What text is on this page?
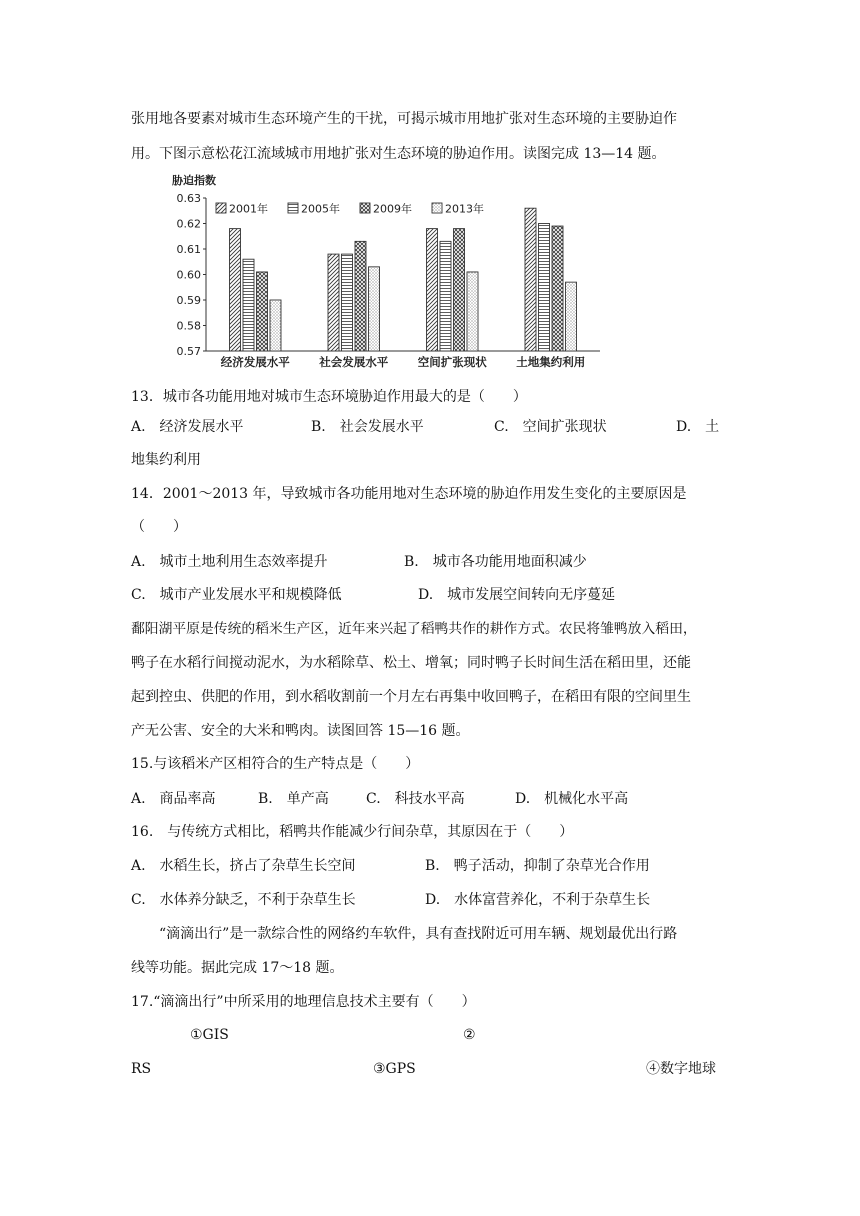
张用地各要素对城市生态环境产生的干扰，可揭示城市用地扩张对生态环境的主要胁迫作
用。下图示意松花江流域城市用地扩张对生态环境的胁迫作用。读图完成 13—14 题。
胁迫指数
0.57
0.58
0.59
0.60
0.61
0.62
0.63
经济发展水平	社会发展水平	空间扩张现状	土地集约利用
2001年	2005年	2009年	2013年
13．城市各功能用地对城市生态环境胁迫作用最大的是（　　）
A.　经济发展水平	B.　社会发展水平	C.　空间扩张现状	D.　土
地集约利用
14．2001～2013 年，导致城市各功能用地对生态环境的胁迫作用发生变化的主要原因是
（　　）
A.　城市土地利用生态效率提升	B.　城市各功能用地面积减少
C.　城市产业发展水平和规模降低	D.　城市发展空间转向无序蔓延
鄱阳湖平原是传统的稻米生产区，近年来兴起了稻鸭共作的耕作方式。农民将雏鸭放入稻田，
鸭子在水稻行间搅动泥水，为水稻除草、松土、增氧；同时鸭子长时间生活在稻田里，还能
起到控虫、供肥的作用，到水稻收割前一个月左右再集中收回鸭子，在稻田有限的空间里生
产无公害、安全的大米和鸭肉。读图回答 15—16 题。
15.与该稻米产区相符合的生产特点是（　　）
A.　商品率高	B.　单产高	C.　科技水平高	D.　机械化水平高
16.　与传统方式相比，稻鸭共作能减少行间杂草，其原因在于（　　）
A.　水稻生长，挤占了杂草生长空间	B.　鸭子活动，抑制了杂草光合作用
C.　水体养分缺乏，不利于杂草生长	D.　水体富营养化，不利于杂草生长
　　“滴滴出行”是一款综合性的网络约车软件，具有查找附近可用车辆、规划最优出行路
线等功能。据此完成 17～18 题。
17.“滴滴出行”中所采用的地理信息技术主要有（　　）
①GIS	②
RS	③GPS	④数字地球
